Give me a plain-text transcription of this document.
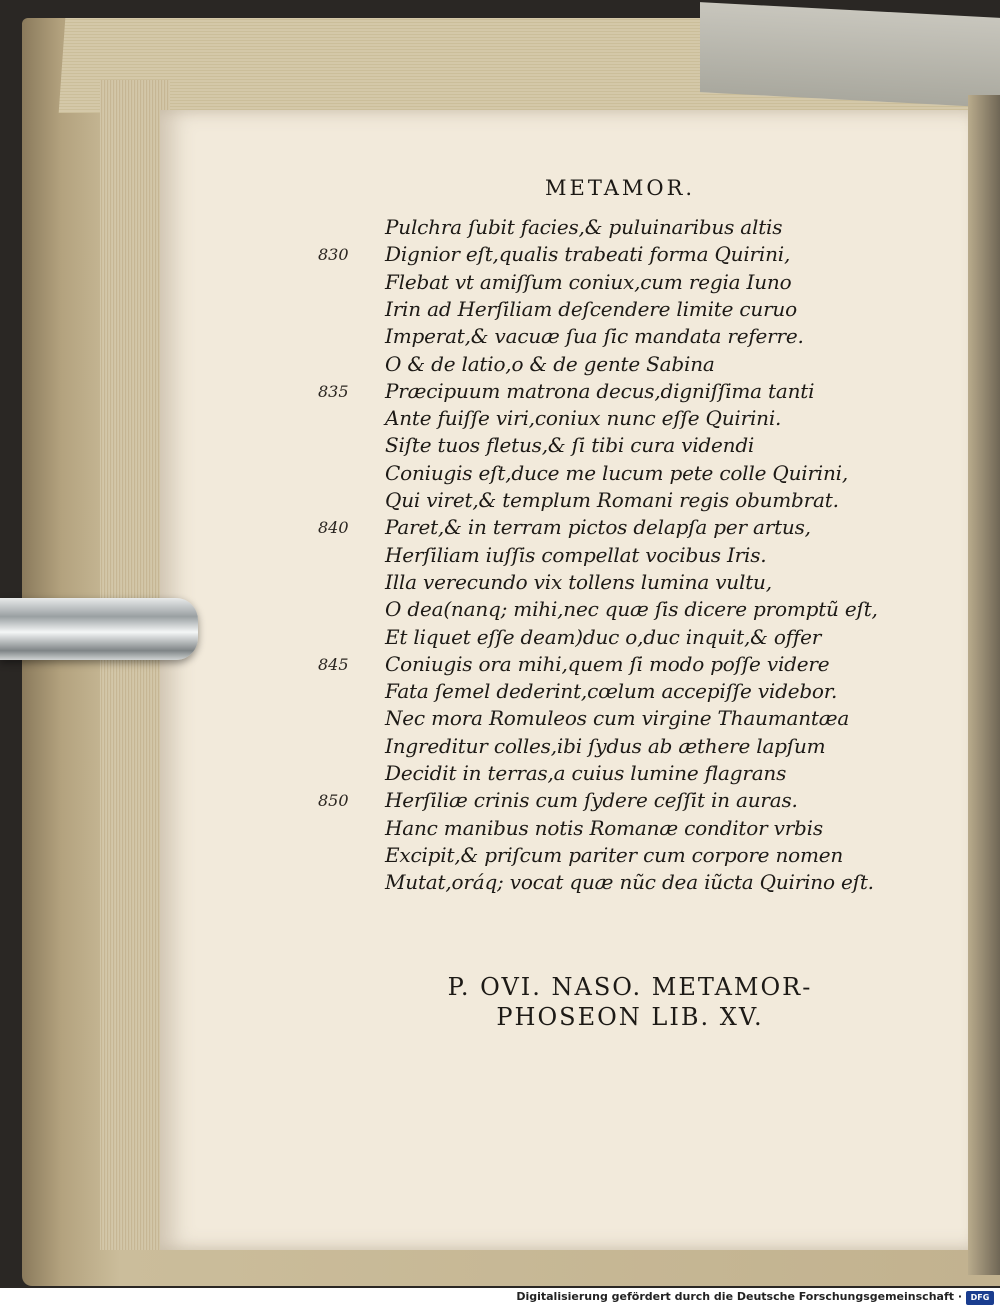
METAMOR.
Pulchra ſubit facies,& puluinaribus altis
Dignior eſt,qualis trabeati forma Quirini,
830
Flebat vt amiſſum coniux,cum regia Iuno
Irin ad Herſiliam deſcendere limite curuo
Imperat,& vacuæ ſua ſic mandata referre.
O & de latio,o & de gente Sabina
Præcipuum matrona decus,digniſſima tanti
835
Ante fuiſſe viri,coniux nunc eſſe Quirini.
Siſte tuos fletus,& ſi tibi cura videndi
Coniugis eſt,duce me lucum pete colle Quirini,
Qui viret,& templum Romani regis obumbrat.
Paret,& in terram pictos delapſa per artus,
840
Herſiliam iuſſis compellat vocibus Iris.
Illa verecundo vix tollens lumina vultu,
O dea(nanq; mihi,nec quæ ſis dicere promptũ eſt,
Et liquet eſſe deam)duc o,duc inquit,& offer
Coniugis ora mihi,quem ſi modo poſſe videre
845
Fata ſemel dederint,cœlum accepiſſe videbor.
Nec mora Romuleos cum virgine Thaumantæa
Ingreditur colles,ibi ſydus ab æthere lapſum
Decidit in terras,a cuius lumine flagrans
Herſiliæ crinis cum ſydere ceſſit in auras.
850
Hanc manibus notis Romanæ conditor vrbis
Excipit,& priſcum pariter cum corpore nomen
Mutat,oráq; vocat quæ nũc dea iũcta Quirino eſt.
P. OVI. NASO. METAMOR-
PHOSEON LIB. XV.
Digitalisierung gefördert durch die Deutsche Forschungsgemeinschaft ·	DFG
